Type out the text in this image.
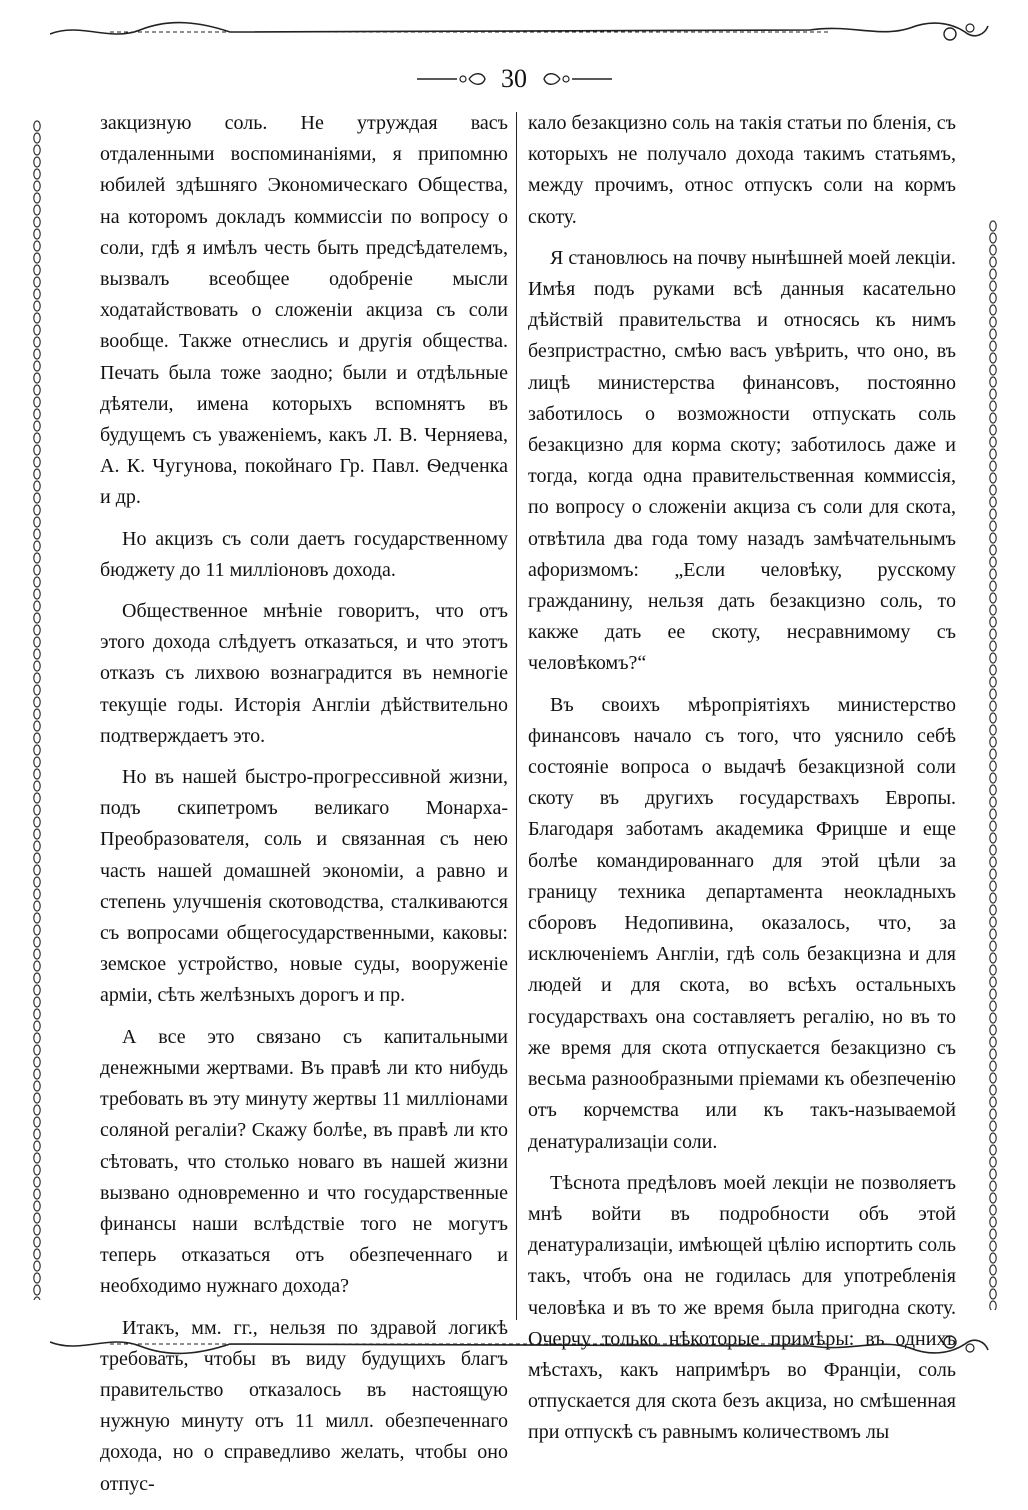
30

закцизную соль. Не утруждая васъ отдаленными воспоминаніями, я припомню юбилей здѣшняго Экономическаго Общества, на которомъ докладъ коммиссіи по вопросу о соли, гдѣ я имѣлъ честь быть предсѣдателемъ, вызвалъ всеобщее одобреніе мысли ходатайствовать о сложеніи акциза съ соли вообще. Также отнеслись и другія общества. Печать была тоже заодно; были и отдѣльные дѣятели, имена которыхъ вспомнятъ въ будущемъ съ уваженіемъ, какъ Л. В. Черняева, А. К. Чугунова, покойнаго Гр. Павл. Ѳедченка и др.

Но акцизъ съ соли даетъ государственному бюджету до 11 милліоновъ дохода.

Общественное мнѣніе говоритъ, что отъ этого дохода слѣдуетъ отказаться, и что этотъ отказъ съ лихвою вознаградится въ немногіе текущіе годы. Исторія Англіи дѣйствительно подтверждаетъ это.

Но въ нашей быстро-прогрессивной жизни, подъ скипетромъ великаго Монарха-Преобразователя, соль и связанная съ нею часть нашей домашней экономіи, а равно и степень улучшенія скотоводства, сталкиваются съ вопросами общегосударственными, каковы: земское устройство, новые суды, вооруженіе арміи, сѣть желѣзныхъ дорогъ и пр.

А все это связано съ капитальными денежными жертвами. Въ правѣ ли кто нибудь требовать въ эту минуту жертвы 11 милліонами соляной регаліи? Скажу болѣе, въ правѣ ли кто сѣтовать, что столько новаго въ нашей жизни вызвано одновременно и что государственные финансы наши вслѣдствіе того не могутъ теперь отказаться отъ обезпеченнаго и необходимо нужнаго дохода?

Итакъ, мм. гг., нельзя по здравой логикѣ требовать, чтобы въ виду будущихъ благъ правительство отказалось въ настоящую нужную минуту отъ 11 милл. обезпеченнаго дохода, но о справедливо желать, чтобы оно отпус-

кало безакцизно соль на такія статьи по бленія, съ которыхъ не получало дохода такимъ статьямъ, между прочимъ, относ отпускъ соли на кормъ скоту.

Я становлюсь на почву нынѣшней моей лекціи. Имѣя подъ руками всѣ данныя касательно дѣйствій правительства и относясь къ нимъ безпристрастно, смѣю васъ увѣрить, что оно, въ лицѣ министерства финансовъ, постоянно заботилось о возможности отпускать соль безакцизно для корма скоту; заботилось даже и тогда, когда одна правительственная коммиссія, по вопросу о сложеніи акциза съ соли для скота, отвѣтила два года тому назадъ замѣчательнымъ афоризмомъ: „Если человѣку, русскому гражданину, нельзя дать безакцизно соль, то какже дать ее скоту, несравнимому съ человѣкомъ?“

Въ своихъ мѣропріятіяхъ министерство финансовъ начало съ того, что уяснило себѣ состояніе вопроса о выдачѣ безакцизной соли скоту въ другихъ государствахъ Европы. Благодаря заботамъ академика Фрицше и еще болѣе командированнаго для этой цѣли за границу техника департамента неокладныхъ сборовъ Недопивина, оказалось, что, за исключеніемъ Англіи, гдѣ соль безакцизна и для людей и для скота, во всѣхъ остальныхъ государствахъ она составляетъ регалію, но въ то же время для скота отпускается безакцизно съ весьма разнообразными пріемами къ обезпеченію отъ корчемства или къ такъ-называемой денатурализаціи соли.

Тѣснота предѣловъ моей лекціи не позволяетъ мнѣ войти въ подробности объ этой денатурализаціи, имѣющей цѣлію испортить соль такъ, чтобъ она не годилась для употребленія человѣка и въ то же время была пригодна скоту. Очерчу только нѣкоторые примѣры: въ однихъ мѣстахъ, какъ напримѣръ во Франціи, соль отпускается для скота безъ акциза, но смѣшенная при отпускѣ съ равнымъ количествомъ лы
